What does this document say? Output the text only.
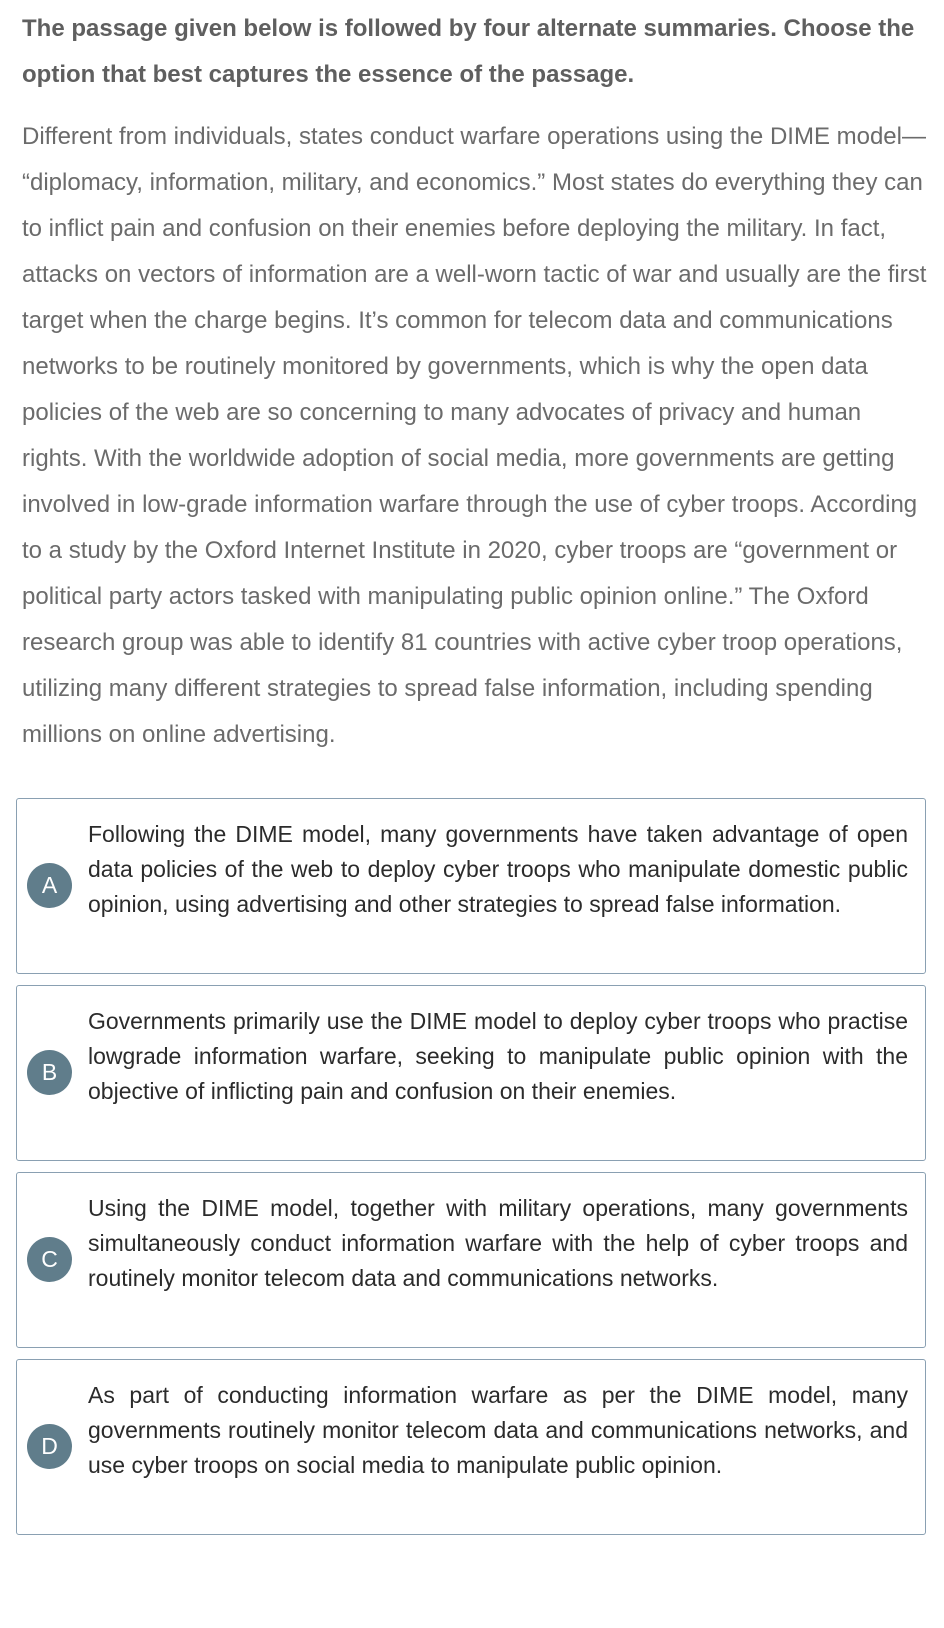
The passage given below is followed by four alternate summaries. Choose the option that best captures the essence of the passage.

Different from individuals, states conduct warfare operations using the DIME model— “diplomacy, information, military, and economics.” Most states do everything they can to inflict pain and confusion on their enemies before deploying the military. In fact, attacks on vectors of information are a well-worn tactic of war and usually are the first target when the charge begins. It’s common for telecom data and communications networks to be routinely monitored by governments, which is why the open data policies of the web are so concerning to many advocates of privacy and human rights. With the worldwide adoption of social media, more governments are getting involved in low-grade information warfare through the use of cyber troops. According to a study by the Oxford Internet Institute in 2020, cyber troops are “government or political party actors tasked with manipulating public opinion online.” The Oxford research group was able to identify 81 countries with active cyber troop operations, utilizing many different strategies to spread false information, including spending millions on online advertising.

A

Following the DIME model, many governments have taken advantage of open data policies of the web to deploy cyber troops who manipulate domestic public opinion, using advertising and other strategies to spread false information.

B

Governments primarily use the DIME model to deploy cyber troops who practise lowgrade information warfare, seeking to manipulate public opinion with the objective of inflicting pain and confusion on their enemies.

C

Using the DIME model, together with military operations, many governments simultaneously conduct information warfare with the help of cyber troops and routinely monitor telecom data and communications networks.

D

As part of conducting information warfare as per the DIME model, many governments routinely monitor telecom data and communications networks, and use cyber troops on social media to manipulate public opinion.
